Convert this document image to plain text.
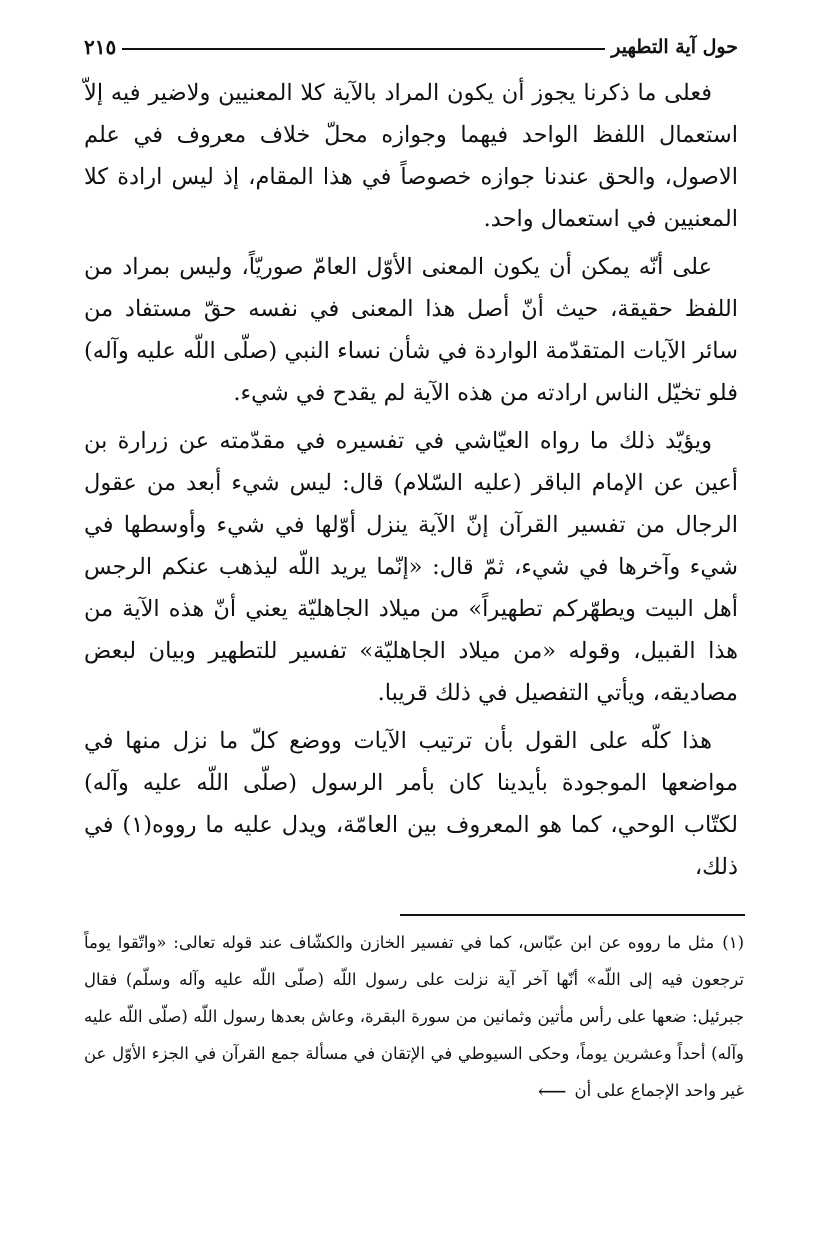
حول آية التطهير
٢١٥

فعلى ما ذكرنا يجوز أن يكون المراد بالآية كلا المعنيين ولاضير فيه إلاّ استعمال اللفظ الواحد فيهما وجوازه محلّ خلاف معروف في علم الاصول، والحق عندنا جوازه خصوصاً في هذا المقام، إذ ليس ارادة كلا المعنيين في استعمال واحد.

على أنّه يمكن أن يكون المعنى الأوّل العامّ صوريّاً، وليس بمراد من اللفظ حقيقة، حيث أنّ أصل هذا المعنى في نفسه حقّ مستفاد من سائر الآيات المتقدّمة الواردة في شأن نساء النبي (صلّى اللّه عليه وآله) فلو تخيّل الناس ارادته من هذه الآية لم يقدح في شيء.

ويؤيّد ذلك ما رواه العيّاشي في تفسيره في مقدّمته عن زرارة بن أعين عن الإمام الباقر (عليه السّلام) قال: ليس شيء أبعد من عقول الرجال من تفسير القرآن إنّ الآية ينزل أوّلها في شيء وأوسطها في شيء وآخرها في شيء، ثمّ قال: «إنّما يريد اللّه ليذهب عنكم الرجس أهل البيت ويطهّركم تطهيراً» من ميلاد الجاهليّة يعني أنّ هذه الآية من هذا القبيل، وقوله «من ميلاد الجاهليّة» تفسير للتطهير وبيان لبعض مصاديقه، ويأتي التفصيل في ذلك قريبا.

هذا كلّه على القول بأن ترتيب الآيات ووضع كلّ ما نزل منها في مواضعها الموجودة بأيدينا كان بأمر الرسول (صلّى اللّه عليه وآله) لكتّاب الوحي، كما هو المعروف بين العامّة، ويدل عليه ما رووه(١) في ذلك،

(١)مثل ما رووه عن ابن عبّاس، كما في تفسير الخازن والكشّاف عند قوله تعالى: «واتّقوا يوماً ترجعون فيه إلى اللّه» أنّها آخر آية نزلت على رسول اللّه (صلّى اللّه عليه وآله وسلّم) فقال جبرئيل: ضعها على رأس مأتين وثمانين من سورة البقرة، وعاش بعدها رسول اللّه (صلّى اللّه عليه وآله) أحداً وعشرين يوماً، وحكى السيوطي في الإتقان في مسألة جمع القرآن في الجزء الأوّل عن غير واحد الإجماع على أن⟵
